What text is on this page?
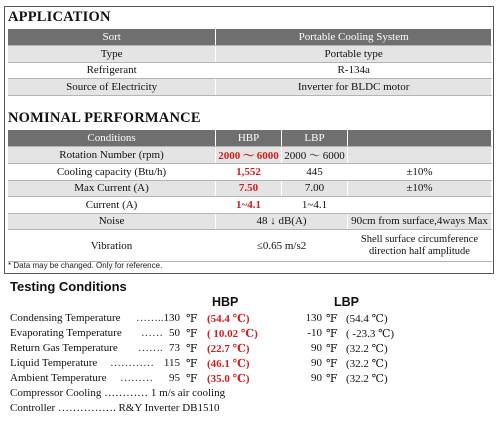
APPLICATION
Sort	Portable Cooling System
Type	Portable type
Refrigerant	R-134a
Source of Electricity	Inverter for BLDC motor
NOMINAL PERFORMANCE
Conditions	HBP	LBP	
Rotation Number (rpm)	2000 ～ 6000	2000 ～ 6000	
Cooling capacity (Btu/h)	1,552	445	±10%
Max Current (A)	7.50	7.00	±10%
Current (A)	1~4.1	1~4.1	
Noise	48 ↓ dB(A)		90cm from surface,4ways Max
Vibration	≤0.65 m/s2		Shell surface circumference direction half amplitude
* Data may be changed. Only for reference.
Testing Conditions
HBP	LBP
Condensing Temperature …….. 130 ℉ (54.4 ℃)	130 ℉ (54.4 ℃)
Evaporating Temperature …… 50 ℉ ( 10.02 ℃)	-10 ℉ ( -23.3 ℃)
Return Gas Temperature ……. 73 ℉ (22.7 ℃)	90 ℉ (32.2 ℃)
Liquid Temperature ………… 115 ℉ (46.1 ℃)	90 ℉ (32.2 ℃)
Ambient Temperature ………	95 ℉ (35.0 ℃)	90 ℉ (32.2 ℃)
Compressor Cooling ………… 1 m/s air cooling
Controller ……………. R&Y Inverter DB1510
